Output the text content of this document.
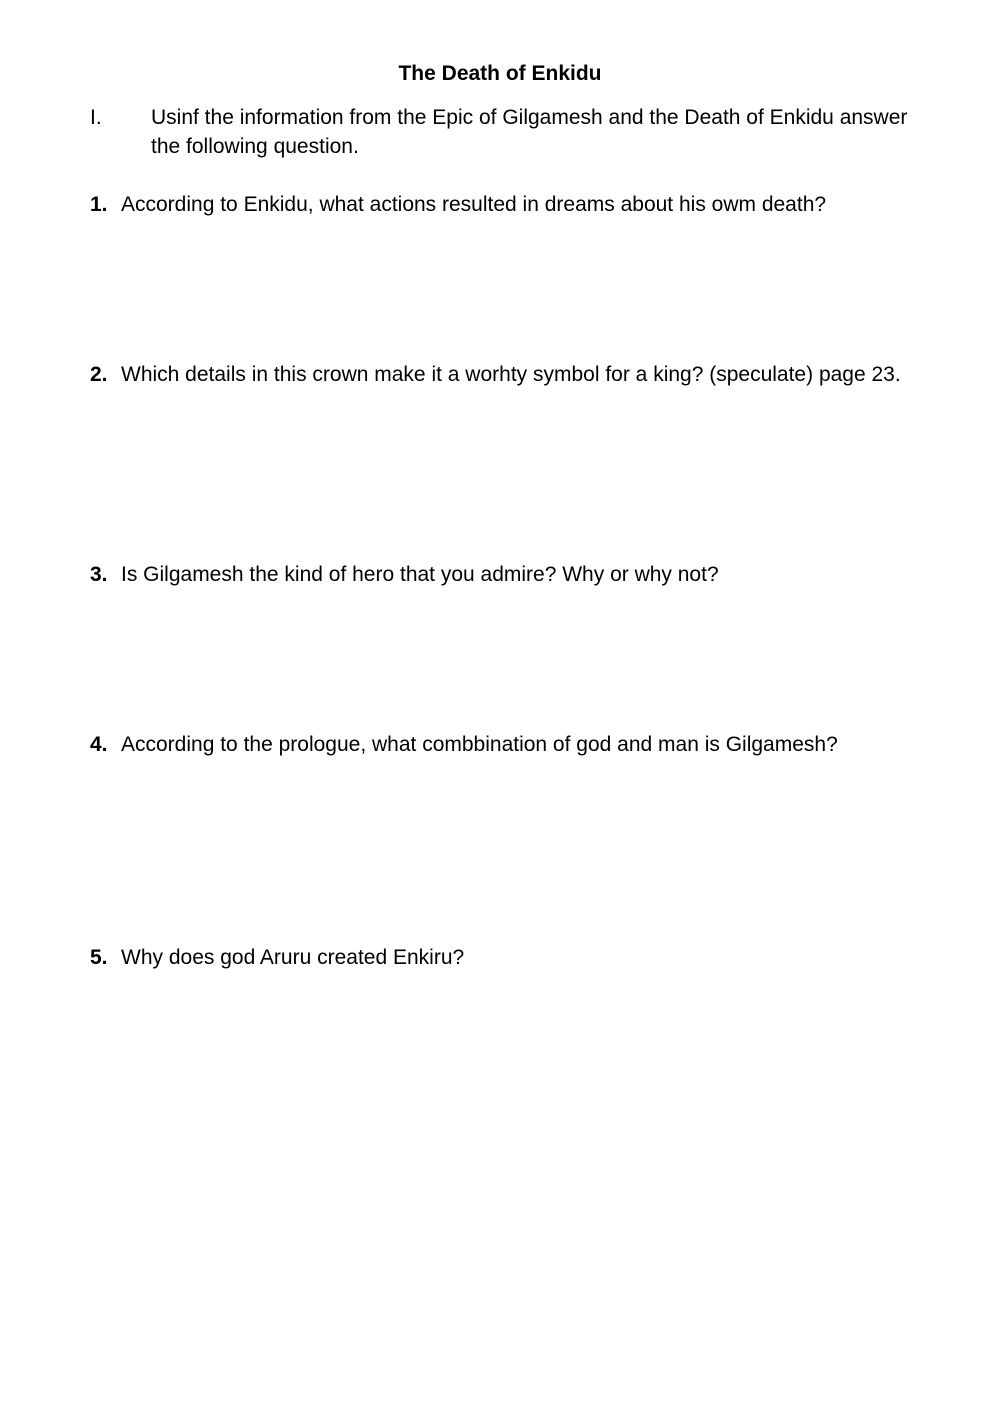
The Death of Enkidu
I. Usinf the information from the Epic of Gilgamesh and the Death of Enkidu answer the following question.
1. According to Enkidu, what actions resulted in dreams about his owm death?
2. Which details in this crown make it a worhty symbol for a king? (speculate) page 23.
3. Is Gilgamesh the kind of hero that you admire? Why or why not?
4. According to the prologue, what combbination of god and man is Gilgamesh?
5. Why does god Aruru created Enkiru?
